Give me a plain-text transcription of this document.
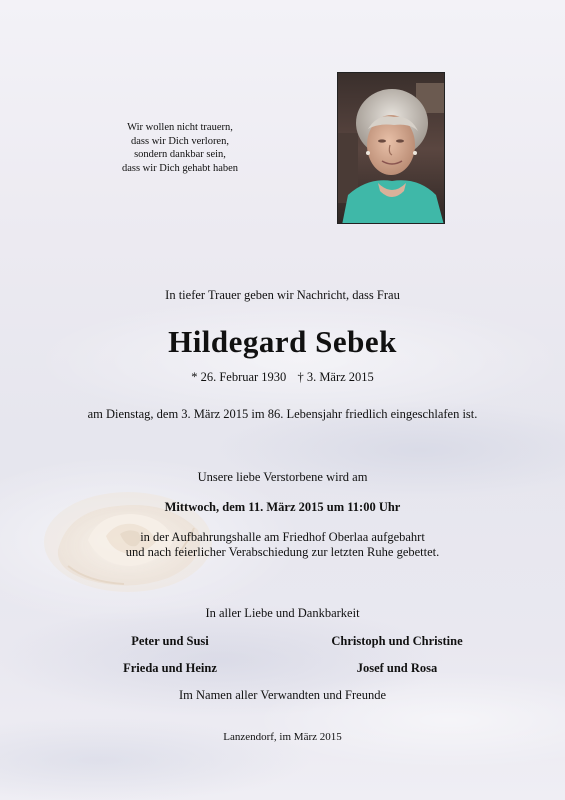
Wir wollen nicht trauern,
dass wir Dich verloren,
sondern dankbar sein,
dass wir Dich gehabt haben
In tiefer Trauer geben wir Nachricht, dass Frau
Hildegard Sebek
* 26. Februar 1930 † 3. März 2015
am Dienstag, dem 3. März 2015 im 86. Lebensjahr friedlich eingeschlafen ist.
Unsere liebe Verstorbene wird am
Mittwoch, dem 11. März 2015 um 11:00 Uhr
in der Aufbahrungshalle am Friedhof Oberlaa aufgebahrt
und nach feierlicher Verabschiedung zur letzten Ruhe gebettet.
In aller Liebe und Dankbarkeit
Peter und Susi	Christoph und Christine
Frieda und Heinz	Josef und Rosa
Im Namen aller Verwandten und Freunde
Lanzendorf, im März 2015
